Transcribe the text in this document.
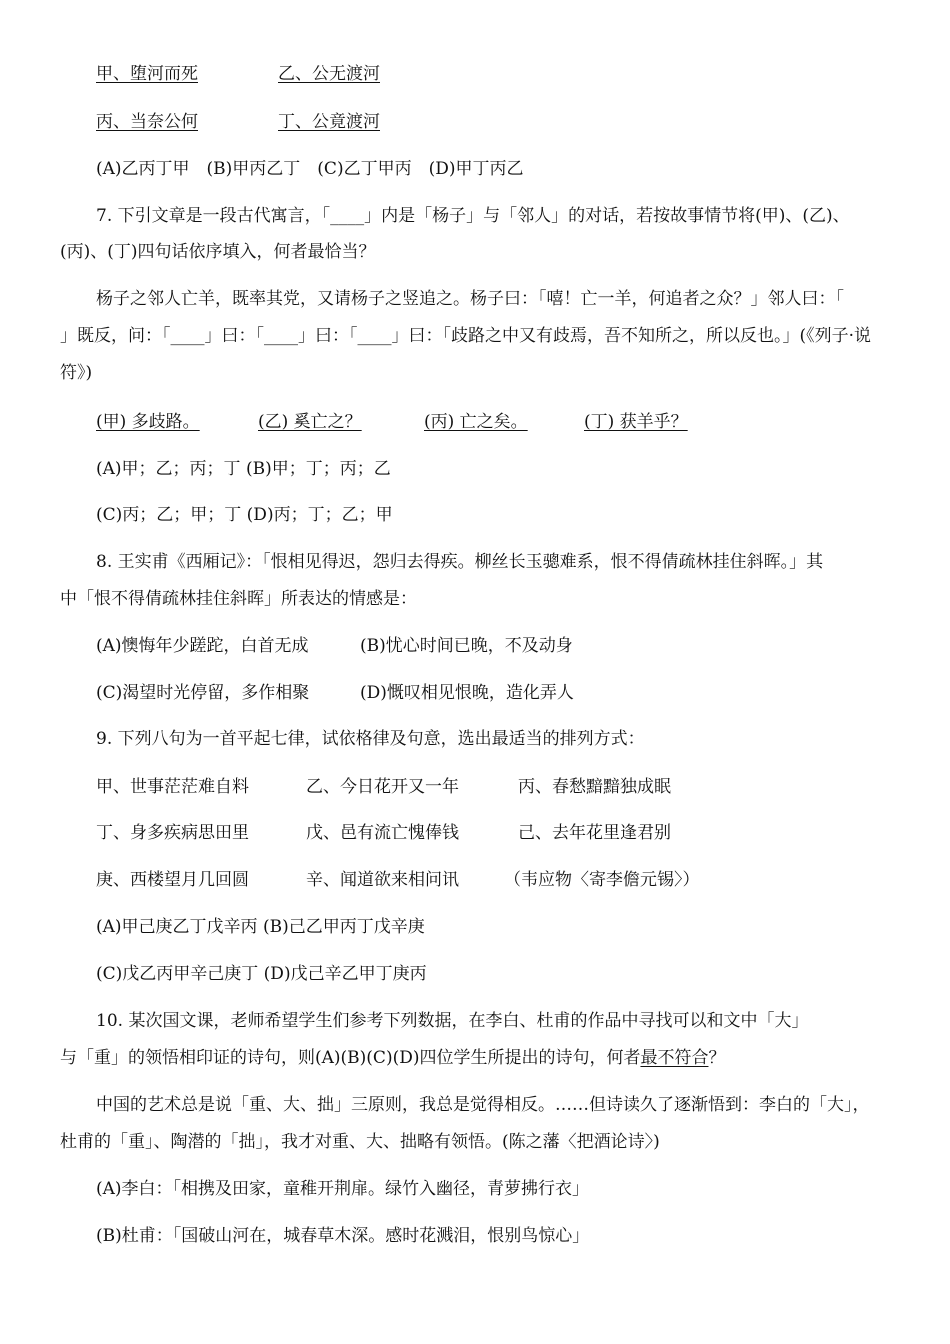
甲、堕河而死	乙、公无渡河
丙、当奈公何	丁、公竟渡河
(A)乙丙丁甲　(B)甲丙乙丁　(C)乙丁甲丙　(D)甲丁丙乙
7. 下引文章是一段古代寓言，「____」内是「杨子」与「邻人」的对话，若按故事情节将(甲)、(乙)、
(丙)、(丁)四句话依序填入，何者最恰当？
杨子之邻人亡羊，既率其党，又请杨子之竖追之。杨子曰：「嘻！亡一羊，何追者之众？」邻人曰：「
」既反，问：「____」曰：「____」曰：「____」曰：「歧路之中又有歧焉，吾不知所之，所以反也。」(《列子·说
符》)
(甲) 多歧路。	(乙) 奚亡之？	(丙) 亡之矣。	(丁) 获羊乎？
(A)甲；乙；丙；丁 (B)甲；丁；丙；乙
(C)丙；乙；甲；丁 (D)丙；丁；乙；甲
8. 王实甫《西厢记》：「恨相见得迟，怨归去得疾。柳丝长玉骢难系，恨不得倩疏林挂住斜晖。」其
中「恨不得倩疏林挂住斜晖」所表达的情感是：
(A)懊悔年少蹉跎，白首无成	(B)忧心时间已晚，不及动身
(C)渴望时光停留，多作相聚	(D)慨叹相见恨晚，造化弄人
9. 下列八句为一首平起七律，试依格律及句意，选出最适当的排列方式：
甲、世事茫茫难自料	乙、今日花开又一年	丙、春愁黯黯独成眠
丁、身多疾病思田里	戊、邑有流亡愧俸钱	己、去年花里逢君别
庚、西楼望月几回圆	辛、闻道欲来相问讯	（韦应物〈寄李儋元锡〉）
(A)甲己庚乙丁戊辛丙 (B)己乙甲丙丁戊辛庚
(C)戊乙丙甲辛己庚丁 (D)戊己辛乙甲丁庚丙
10. 某次国文课，老师希望学生们参考下列数据，在李白、杜甫的作品中寻找可以和文中「大」
与「重」的领悟相印证的诗句，则(A)(B)(C)(D)四位学生所提出的诗句，何者最不符合？
中国的艺术总是说「重、大、拙」三原则，我总是觉得相反。……但诗读久了逐渐悟到：李白的「大」，
杜甫的「重」、陶潜的「拙」，我才对重、大、拙略有领悟。(陈之藩〈把酒论诗〉)
(A)李白：「相携及田家，童稚开荆扉。绿竹入幽径，青萝拂行衣」
(B)杜甫：「国破山河在，城春草木深。感时花溅泪，恨别鸟惊心」
